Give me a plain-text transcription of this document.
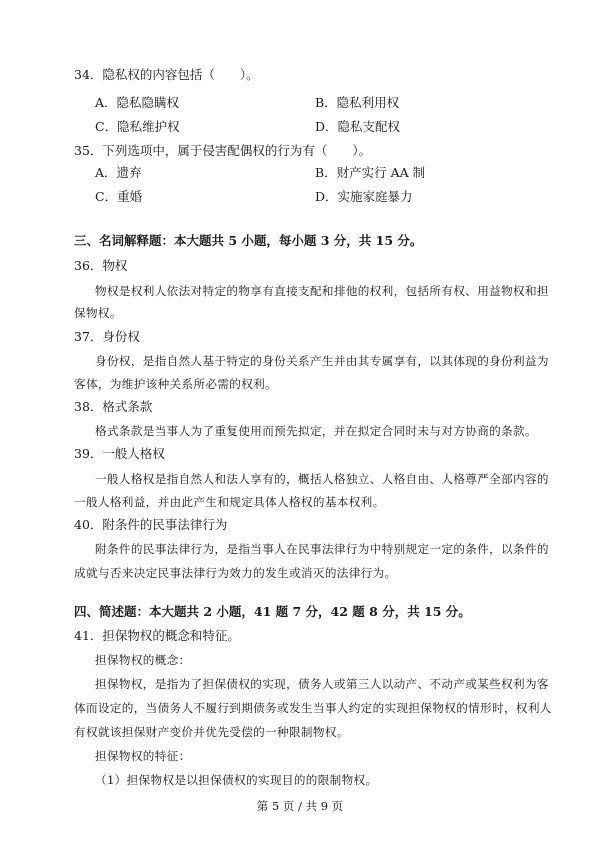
34．隐私权的内容包括（　　）。
A．隐私隐瞒权	B．隐私利用权
C．隐私维护权	D．隐私支配权
35．下列选项中，属于侵害配偶权的行为有（　　）。
A．遗弃	B．财产实行 AA 制
C．重婚	D．实施家庭暴力
三、名词解释题：本大题共 5 小题，每小题 3 分，共 15 分。
36．物权
物权是权利人依法对特定的物享有直接支配和排他的权利，包括所有权、用益物权和担
保物权。
37．身份权
身份权，是指自然人基于特定的身份关系产生并由其专属享有，以其体现的身份利益为
客体，为维护该种关系所必需的权利。
38．格式条款
格式条款是当事人为了重复使用而预先拟定，并在拟定合同时未与对方协商的条款。
39．一般人格权
一般人格权是指自然人和法人享有的，概括人格独立、人格自由、人格尊严全部内容的
一般人格利益，并由此产生和规定具体人格权的基本权利。
40．附条件的民事法律行为
附条件的民事法律行为，是指当事人在民事法律行为中特别规定一定的条件，以条件的
成就与否来决定民事法律行为效力的发生或消灭的法律行为。
四、简述题：本大题共 2 小题，41 题 7 分，42 题 8 分，共 15 分。
41．担保物权的概念和特征。
担保物权的概念：
担保物权，是指为了担保债权的实现，债务人或第三人以动产、不动产或某些权利为客
体而设定的，当债务人不履行到期债务或发生当事人约定的实现担保物权的情形时，权利人
有权就该担保财产变价并优先受偿的一种限制物权。
担保物权的特征：
（1）担保物权是以担保债权的实现目的的限制物权。
第 5 页 / 共 9 页
